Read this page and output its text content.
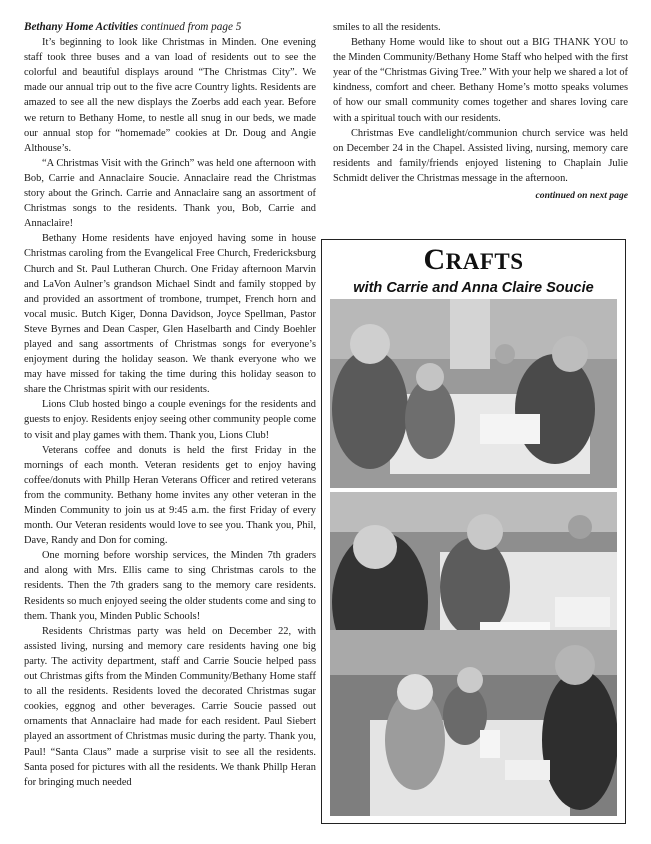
Bethany Home Activities continued from page 5

It’s beginning to look like Christmas in Minden. One evening staff took three buses and a van load of residents out to see the colorful and beautiful displays around “The Christmas City”. We made our annual trip out to the five acre Country lights. Residents are amazed to see all the new displays the Zoerbs add each year. Before we return to Bethany Home, to nestle all snug in our beds, we made our annual stop for “homemade” cookies at Dr. Doug and Angie Althouse’s.

“A Christmas Visit with the Grinch” was held one afternoon with Bob, Carrie and Annaclaire Soucie. Annaclaire read the Christmas story about the Grinch. Carrie and Annaclaire sang an assortment of Christmas songs to the residents. Thank you, Bob, Carrie and Annaclaire!

Bethany Home residents have enjoyed having some in house Christmas caroling from the Evangelical Free Church, Fredericksburg Church and St. Paul Lutheran Church. One Friday afternoon Marvin and LaVon Aulner’s grandson Michael Sindt and family stopped by and provided an assortment of trombone, trumpet, French horn and vocal music. Butch Kiger, Donna Davidson, Joyce Spellman, Pastor Steve Byrnes and Dean Casper, Glen Haselbarth and Cindy Boehler played and sang assortments of Christmas songs for everyone’s enjoyment during the holiday season. We thank everyone who we may have missed for taking the time during this holiday season to share the Christmas spirit with our residents.

Lions Club hosted bingo a couple evenings for the residents and guests to enjoy. Residents enjoy seeing other community people come to visit and play games with them. Thank you, Lions Club!

Veterans coffee and donuts is held the first Friday in the mornings of each month. Veteran residents get to enjoy having coffee/donuts with Phillp Heran Veterans Officer and retired veterans from the community. Bethany home invites any other veteran in the Minden Community to join us at 9:45 a.m. the first Friday of every month. Our Veteran residents would love to see you. Thank you, Phil, Dave, Randy and Don for coming.

One morning before worship services, the Minden 7th graders and along with Mrs. Ellis came to sing Christmas carols to the residents. Then the 7th graders sang to the memory care residents. Residents so much enjoyed seeing the older students come and sing to them. Thank you, Minden Public Schools!

Residents Christmas party was held on December 22, with assisted living, nursing and memory care residents having one big party. The activity department, staff and Carrie Soucie helped pass out Christmas gifts from the Minden Community/Bethany Home staff to all the residents. Residents loved the decorated Christmas sugar cookies, eggnog and other beverages. Carrie Soucie passed out ornaments that Annaclaire had made for each resident. Paul Siebert played an assortment of Christmas music during the party. Thank you, Paul! “Santa Claus” made a surprise visit to see all the residents. Santa posed for pictures with all the residents. We thank Phillp Heran for bringing much needed

smiles to all the residents.

Bethany Home would like to shout out a BIG THANK YOU to the Minden Community/Bethany Home Staff who helped with the first year of the “Christmas Giving Tree.” With your help we shared a lot of kindness, comfort and cheer. Bethany Home’s motto speaks volumes of how our small community comes together and shares loving care with a spiritual touch with our residents.

Christmas Eve candlelight/communion church service was held on December 24 in the Chapel. Assisted living, nursing, memory care residents and family/friends enjoyed listening to Chaplain Julie Schmidt deliver the Christmas message in the afternoon.

continued on next page

CRAFTS
with Carrie and Anna Claire Soucie
